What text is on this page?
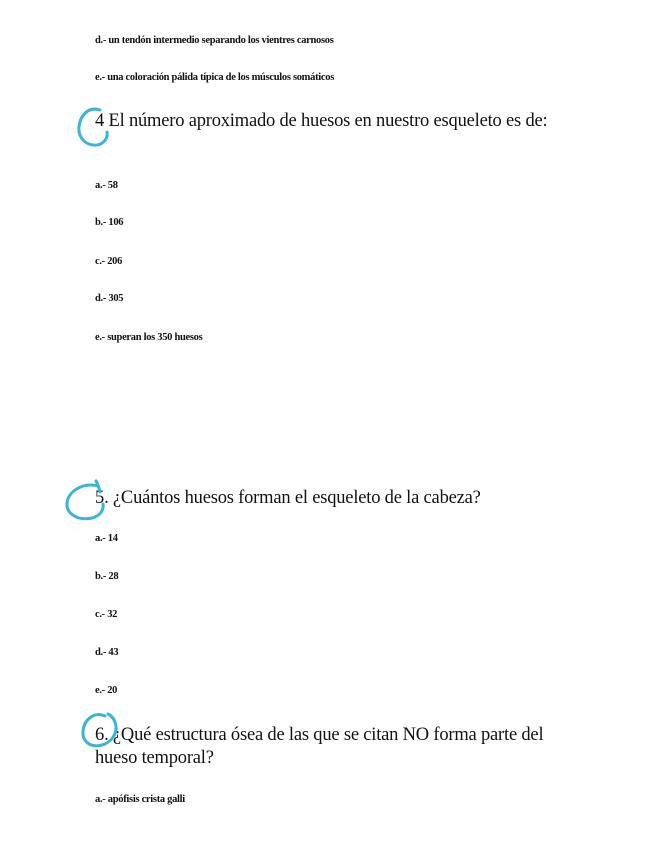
d.- un tendón intermedio separando los vientres carnosos
e.- una coloración pálida típica de los músculos somáticos
4 El número aproximado de huesos en nuestro esqueleto es de:
a.- 58
b.- 106
c.- 206
d.- 305
e.- superan los 350 huesos
5. ¿Cuántos huesos forman el esqueleto de la cabeza?
a.- 14
b.- 28
c.- 32
d.- 43
e.- 20
6. ¿Qué estructura ósea de las que se citan NO forma parte del hueso temporal?
a.- apófisis crista galli
